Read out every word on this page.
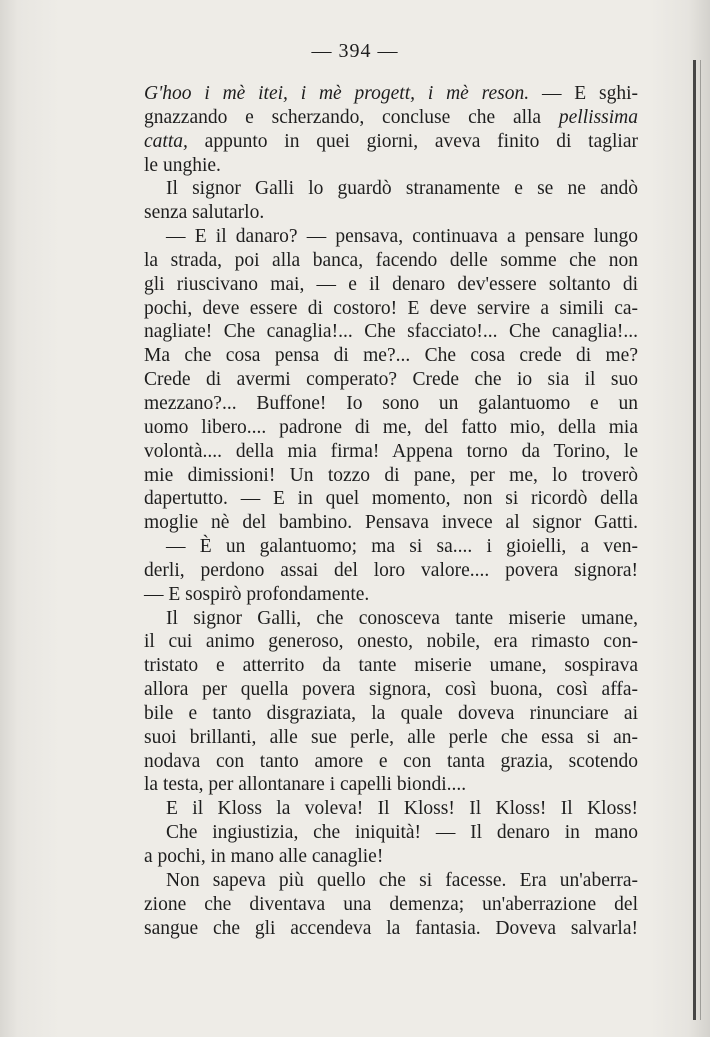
— 394 —
G'hoo i mè itei, i mè progett, i mè reson. — E sghi-
gnazzando e scherzando, concluse che alla pellissima
catta, appunto in quei giorni, aveva finito di tagliar
le unghie.
Il signor Galli lo guardò stranamente e se ne andò
senza salutarlo.
— E il danaro? — pensava, continuava a pensare lungo
la strada, poi alla banca, facendo delle somme che non
gli riuscivano mai, — e il denaro dev'essere soltanto di
pochi, deve essere di costoro! E deve servire a simili ca-
nagliate! Che canaglia!... Che sfacciato!... Che canaglia!...
Ma che cosa pensa di me?... Che cosa crede di me?
Crede di avermi comperato? Crede che io sia il suo
mezzano?... Buffone! Io sono un galantuomo e un
uomo libero.... padrone di me, del fatto mio, della mia
volontà.... della mia firma! Appena torno da Torino, le
mie dimissioni! Un tozzo di pane, per me, lo troverò
dapertutto. — E in quel momento, non si ricordò della
moglie nè del bambino. Pensava invece al signor Gatti.
— È un galantuomo; ma si sa.... i gioielli, a ven-
derli, perdono assai del loro valore.... povera signora!
— E sospirò profondamente.
Il signor Galli, che conosceva tante miserie umane,
il cui animo generoso, onesto, nobile, era rimasto con-
tristato e atterrito da tante miserie umane, sospirava
allora per quella povera signora, così buona, così affa-
bile e tanto disgraziata, la quale doveva rinunciare ai
suoi brillanti, alle sue perle, alle perle che essa si an-
nodava con tanto amore e con tanta grazia, scotendo
la testa, per allontanare i capelli biondi....
E il Kloss la voleva! Il Kloss! Il Kloss! Il Kloss!
Che ingiustizia, che iniquità! — Il denaro in mano
a pochi, in mano alle canaglie!
Non sapeva più quello che si facesse. Era un'aberra-
zione che diventava una demenza; un'aberrazione del
sangue che gli accendeva la fantasia. Doveva salvarla!
